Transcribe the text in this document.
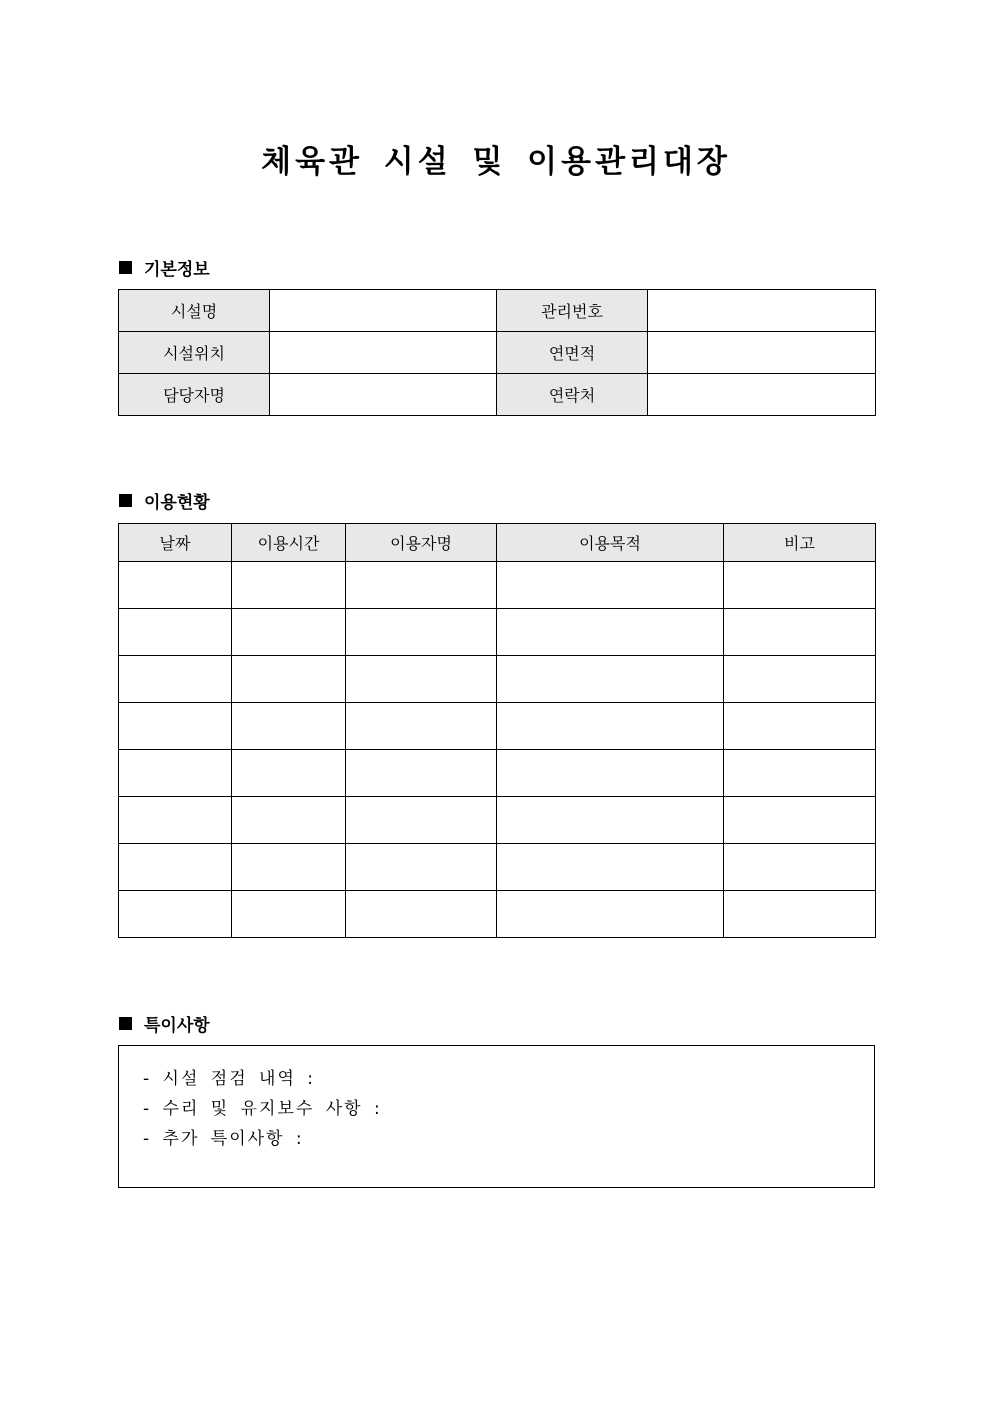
체육관 시설 및 이용관리대장
기본정보
시설명		관리번호	
시설위치		연면적	
담당자명		연락처	
이용현황
날짜	이용시간	이용자명	이용목적	비고

특이사항
- 시설 점검 내역 :
- 수리 및 유지보수 사항 :
- 추가 특이사항 :
